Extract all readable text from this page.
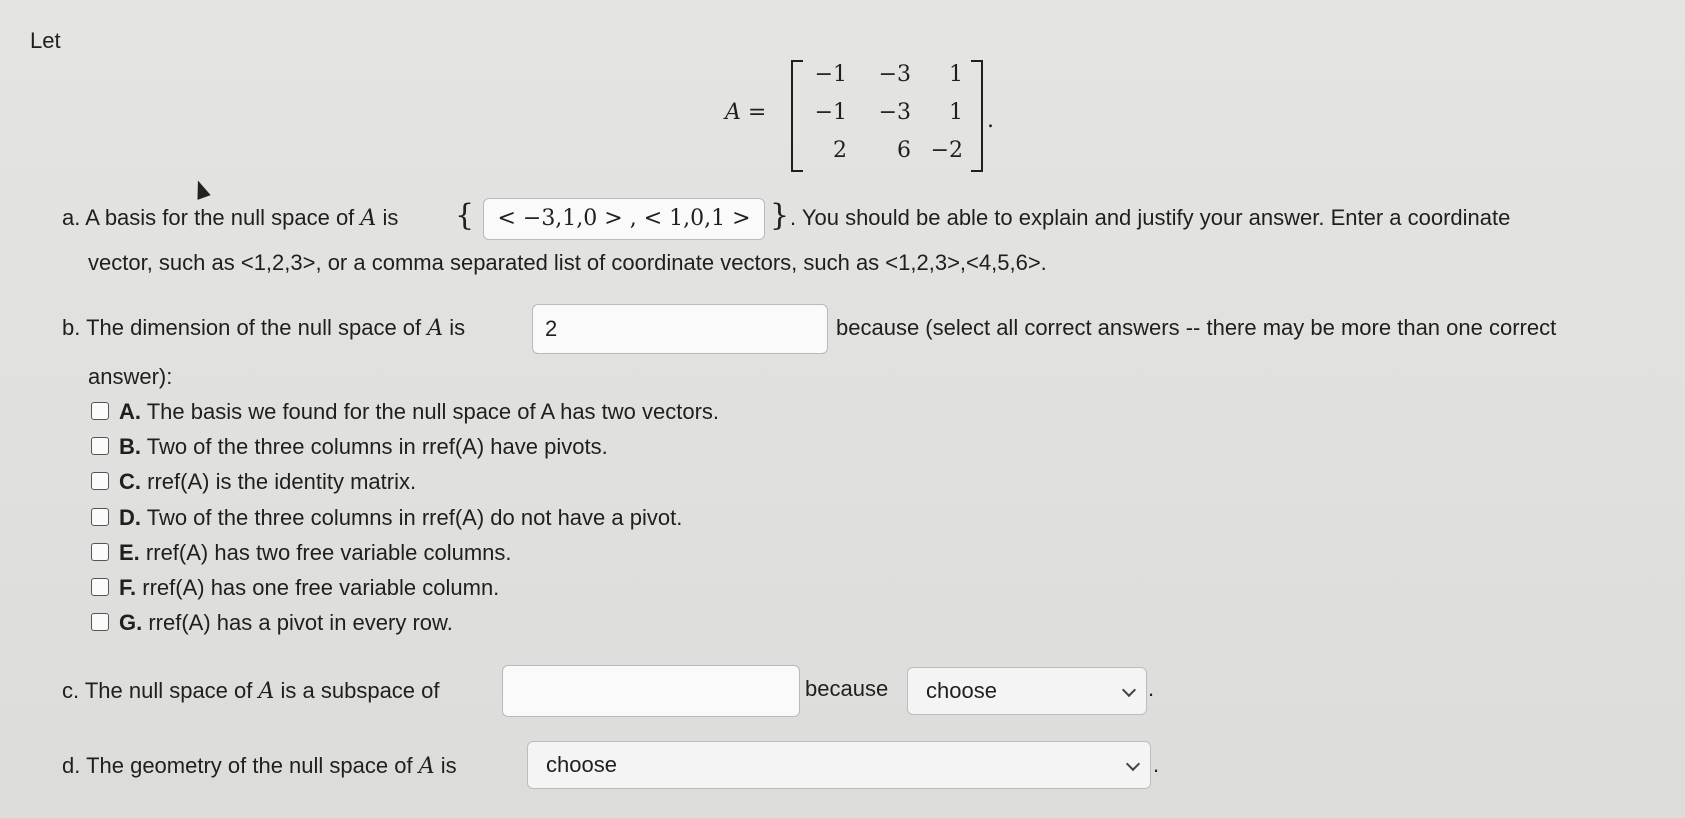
Let
A =
−1	−3	1
−1	−3	1
2	6 −2
.
a. A basis for the null space of A is {	< −3,1,0 > , < 1,0,1 > } . You should be able to explain and justify your answer. Enter a coordinate
vector, such as <1,2,3>, or a comma separated list of coordinate vectors, such as <1,2,3>,<4,5,6>.
b. The dimension of the null space of A is	2	because (select all correct answers -- there may be more than one correct
answer):
A. The basis we found for the null space of A has two vectors.
B. Two of the three columns in rref(A) have pivots.
C. rref(A) is the identity matrix.
D. Two of the three columns in rref(A) do not have a pivot.
E. rref(A) has two free variable columns.
F. rref(A) has one free variable column.
G. rref(A) has a pivot in every row.
c. The null space of A is a subspace of	because	choose	.
d. The geometry of the null space of A is	choose	.
